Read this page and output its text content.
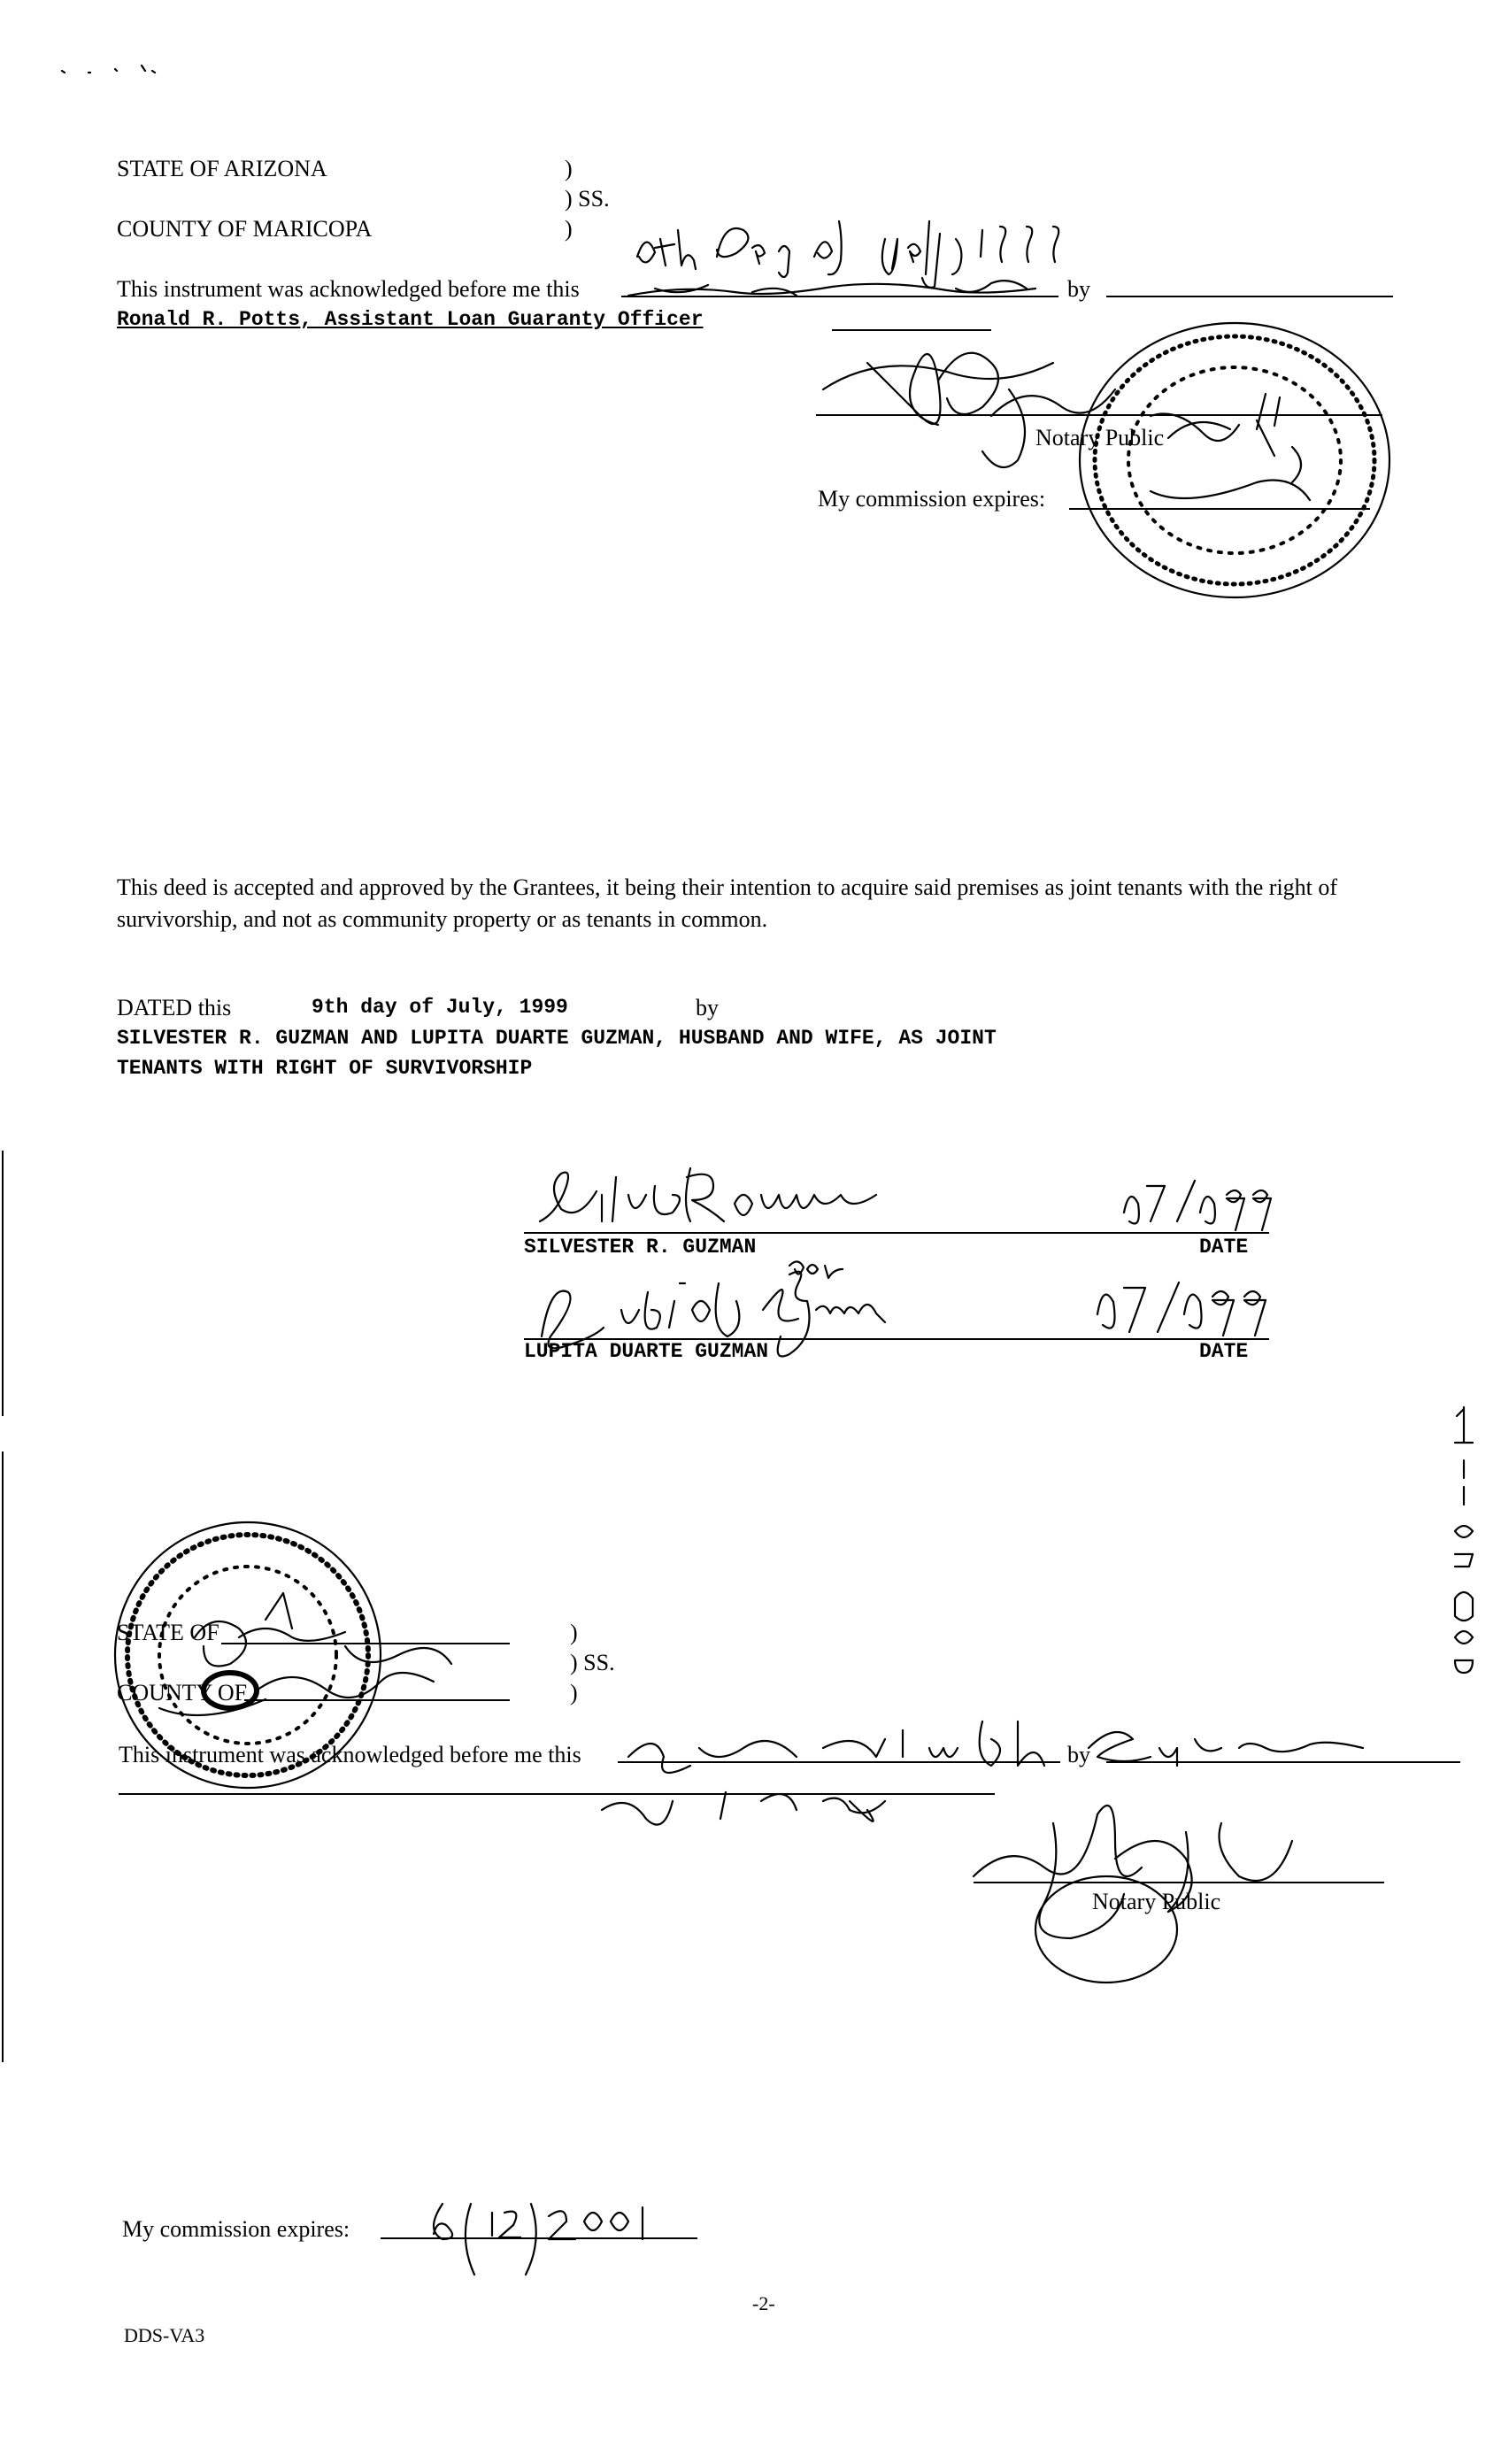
STATE OF ARIZONA	)
) SS.
COUNTY OF MARICOPA	)
This instrument was acknowledged before me this	by
Ronald R. Potts, Assistant Loan Guaranty Officer
Notary Public
My commission expires:
This deed is accepted and approved by the Grantees, it being their intention to acquire said premises as joint tenants with the right of survivorship, and not as community property or as tenants in common.
DATED this	9th day of July, 1999	by
SILVESTER R. GUZMAN AND LUPITA DUARTE GUZMAN, HUSBAND AND WIFE, AS JOINT
TENANTS WITH RIGHT OF SURVIVORSHIP
SILVESTER R. GUZMAN	DATE
LUPITA DUARTE GUZMAN	DATE
STATE OF	)
) SS.
COUNTY OF	)
This instrument was acknowledged before me this	by
Notary Public
My commission expires:
-2-
DDS-VA3
